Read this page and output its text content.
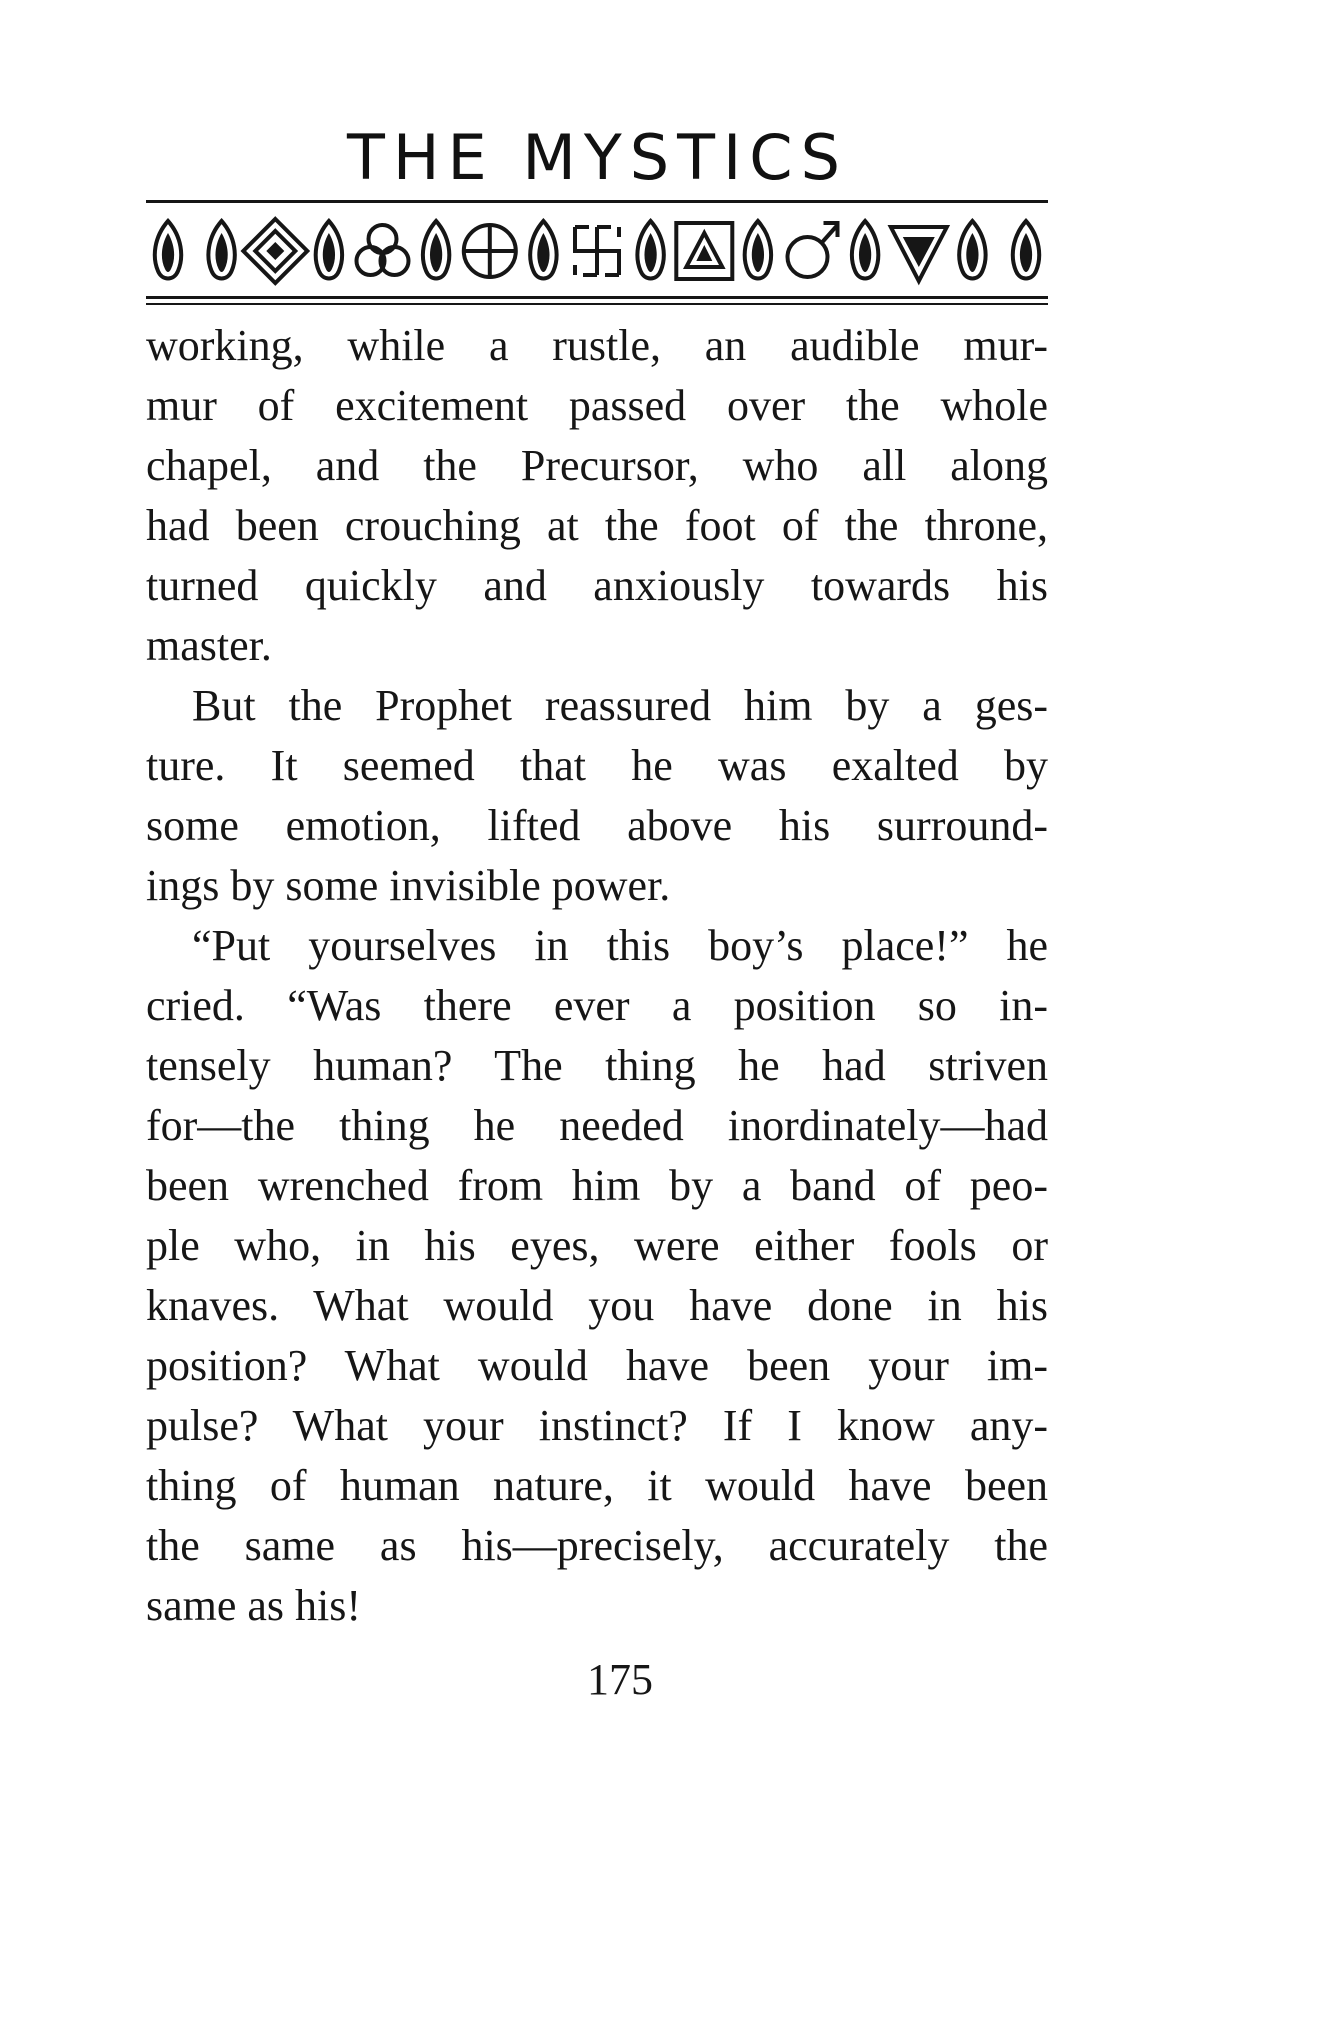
THE MYSTICS
working, while a rustle, an audible mur-
mur of excitement passed over the whole
chapel, and the Precursor, who all along
had been crouching at the foot of the throne,
turned quickly and anxiously towards his
master.
But the Prophet reassured him by a ges-
ture. It seemed that he was exalted by
some emotion, lifted above his surround-
ings by some invisible power.
“Put yourselves in this boy’s place!” he
cried. “Was there ever a position so in-
tensely human? The thing he had striven
for—the thing he needed inordinately—had
been wrenched from him by a band of peo-
ple who, in his eyes, were either fools or
knaves. What would you have done in his
position? What would have been your im-
pulse? What your instinct? If I know any-
thing of human nature, it would have been
the same as his—precisely, accurately the
same as his!
175
